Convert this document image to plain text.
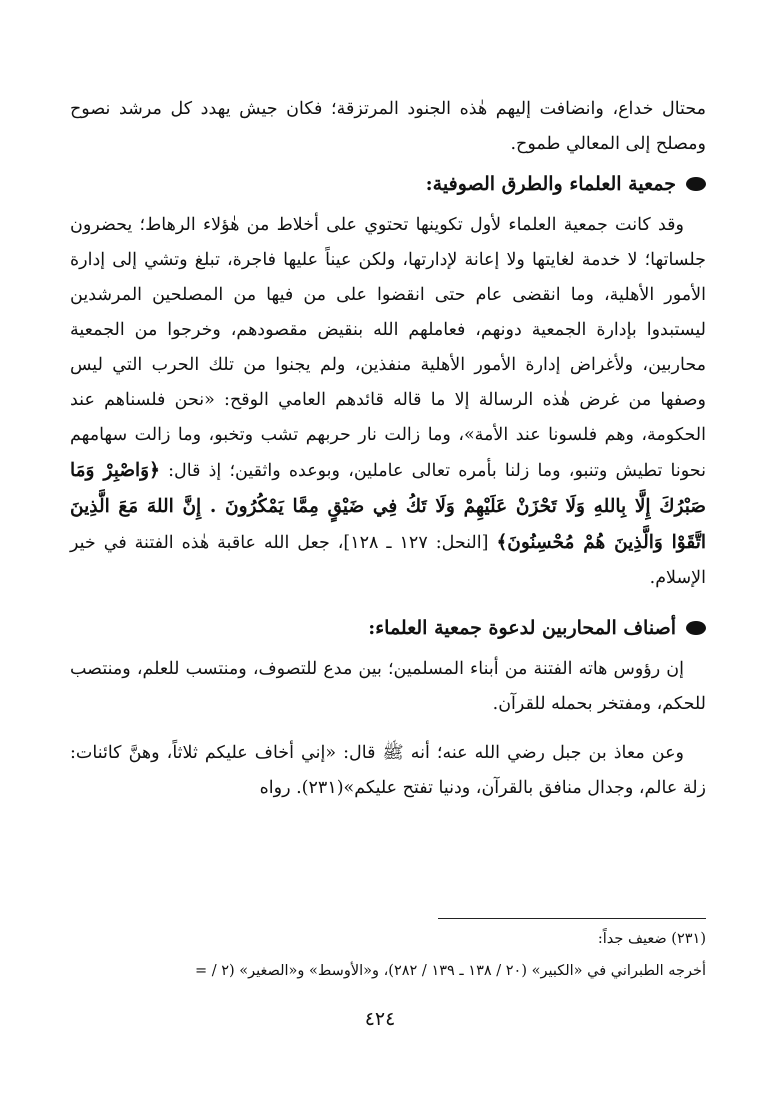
محتال خداع، وانضافت إليهم هٰذه الجنود المرتزقة؛ فكان جيش يهدد كل مرشد نصوح ومصلح إلى المعالي طموح.

جمعية العلماء والطرق الصوفية:

وقد كانت جمعية العلماء لأول تكوينها تحتوي على أخلاط من هٰؤلاء الرهاط؛ يحضرون جلساتها؛ لا خدمة لغايتها ولا إعانة لإدارتها، ولكن عيناً عليها فاجرة، تبلغ وتشي إلى إدارة الأمور الأهلية، وما انقضى عام حتى انقضوا على من فيها من المصلحين المرشدين ليستبدوا بإدارة الجمعية دونهم، فعاملهم الله بنقيض مقصودهم، وخرجوا من الجمعية محاربين، ولأغراض إدارة الأمور الأهلية منفذين، ولم يجنوا من تلك الحرب التي ليس وصفها من غرض هٰذه الرسالة إلا ما قاله قائدهم العامي الوقح: «نحن فلسناهم عند الحكومة، وهم فلسونا عند الأمة»، وما زالت نار حربهم تشب وتخبو، وما زالت سهامهم نحونا تطيش وتنبو، وما زلنا بأمره تعالى عاملين، وبوعده واثقين؛ إذ قال: ﴿وَاصْبِرْ وَمَا صَبْرُكَ إِلَّا بِاللهِ وَلَا تَحْزَنْ عَلَيْهِمْ وَلَا تَكُ فِي ضَيْقٍ مِمَّا يَمْكُرُونَ . إِنَّ اللهَ مَعَ الَّذِينَ اتَّقَوْا وَالَّذِينَ هُمْ مُحْسِنُونَ﴾ [النحل: ١٢٧ ـ ١٢٨]، جعل الله عاقبة هٰذه الفتنة في خير الإسلام.

أصناف المحاربين لدعوة جمعية العلماء:

إن رؤوس هاته الفتنة من أبناء المسلمين؛ بين مدع للتصوف، ومنتسب للعلم، ومنتصب للحكم، ومفتخر بحمله للقرآن.

وعن معاذ بن جبل رضي الله عنه؛ أنه ﷺ قال: «إني أخاف عليكم ثلاثاً، وهنَّ كائنات: زلة عالم، وجدال منافق بالقرآن، ودنيا تفتح عليكم»(٢٣١). رواه

(٢٣١) ضعيف جداً:

أخرجه الطبراني في «الكبير» (٢٠ / ١٣٨ ـ ١٣٩ / ٢٨٢)، و«الأوسط» و«الصغير» (٢ / =

٤٢٤
